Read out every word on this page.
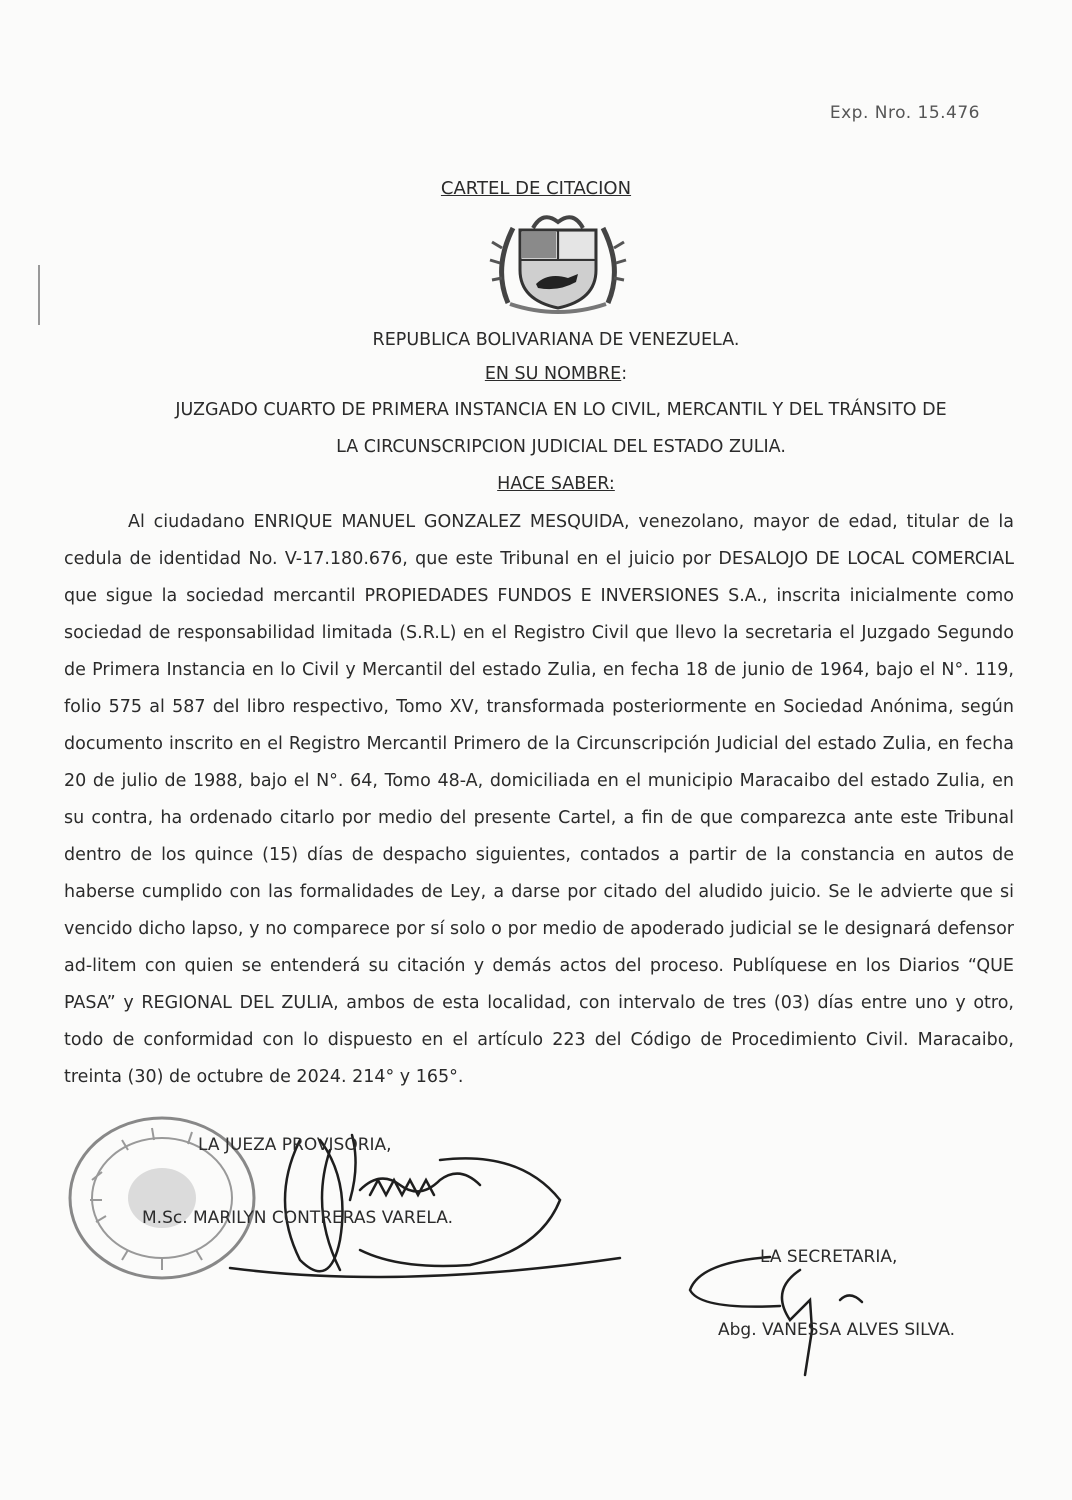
Exp. Nro. 15.476
CARTEL DE CITACION
REPUBLICA BOLIVARIANA DE VENEZUELA.
EN SU NOMBRE:
JUZGADO CUARTO DE PRIMERA INSTANCIA EN LO CIVIL, MERCANTIL Y DEL TRÁNSITO DE
LA CIRCUNSCRIPCION JUDICIAL DEL ESTADO ZULIA.
HACE SABER:
Al ciudadano ENRIQUE MANUEL GONZALEZ MESQUIDA, venezolano, mayor de edad, titular de la cedula de identidad No. V-17.180.676, que este Tribunal en el juicio por DESALOJO DE LOCAL COMERCIAL que sigue la sociedad mercantil PROPIEDADES FUNDOS E INVERSIONES S.A., inscrita inicialmente como sociedad de responsabilidad limitada (S.R.L) en el Registro Civil que llevo la secretaria el Juzgado Segundo de Primera Instancia en lo Civil y Mercantil del estado Zulia, en fecha 18 de junio de 1964, bajo el N°. 119, folio 575 al 587 del libro respectivo, Tomo XV, transformada posteriormente en Sociedad Anónima, según documento inscrito en el Registro Mercantil Primero de la Circunscripción Judicial del estado Zulia, en fecha 20 de julio de 1988, bajo el N°. 64, Tomo 48-A, domiciliada en el municipio Maracaibo del estado Zulia, en su contra, ha ordenado citarlo por medio del presente Cartel, a fin de que comparezca ante este Tribunal dentro de los quince (15) días de despacho siguientes, contados a partir de la constancia en autos de haberse cumplido con las formalidades de Ley, a darse por citado del aludido juicio. Se le advierte que si vencido dicho lapso, y no comparece por sí solo o por medio de apoderado judicial se le designará defensor ad-litem con quien se entenderá su citación y demás actos del proceso. Publíquese en los Diarios “QUE PASA” y REGIONAL DEL ZULIA, ambos de esta localidad, con intervalo de tres (03) días entre uno y otro, todo de conformidad con lo dispuesto en el artículo 223 del Código de Procedimiento Civil. Maracaibo, treinta (30) de octubre de 2024. 214° y 165°.
LA JUEZA PROVISORIA,
M.Sc. MARILYN CONTRERAS VARELA.
LA SECRETARIA,
Abg. VANESSA ALVES SILVA.
